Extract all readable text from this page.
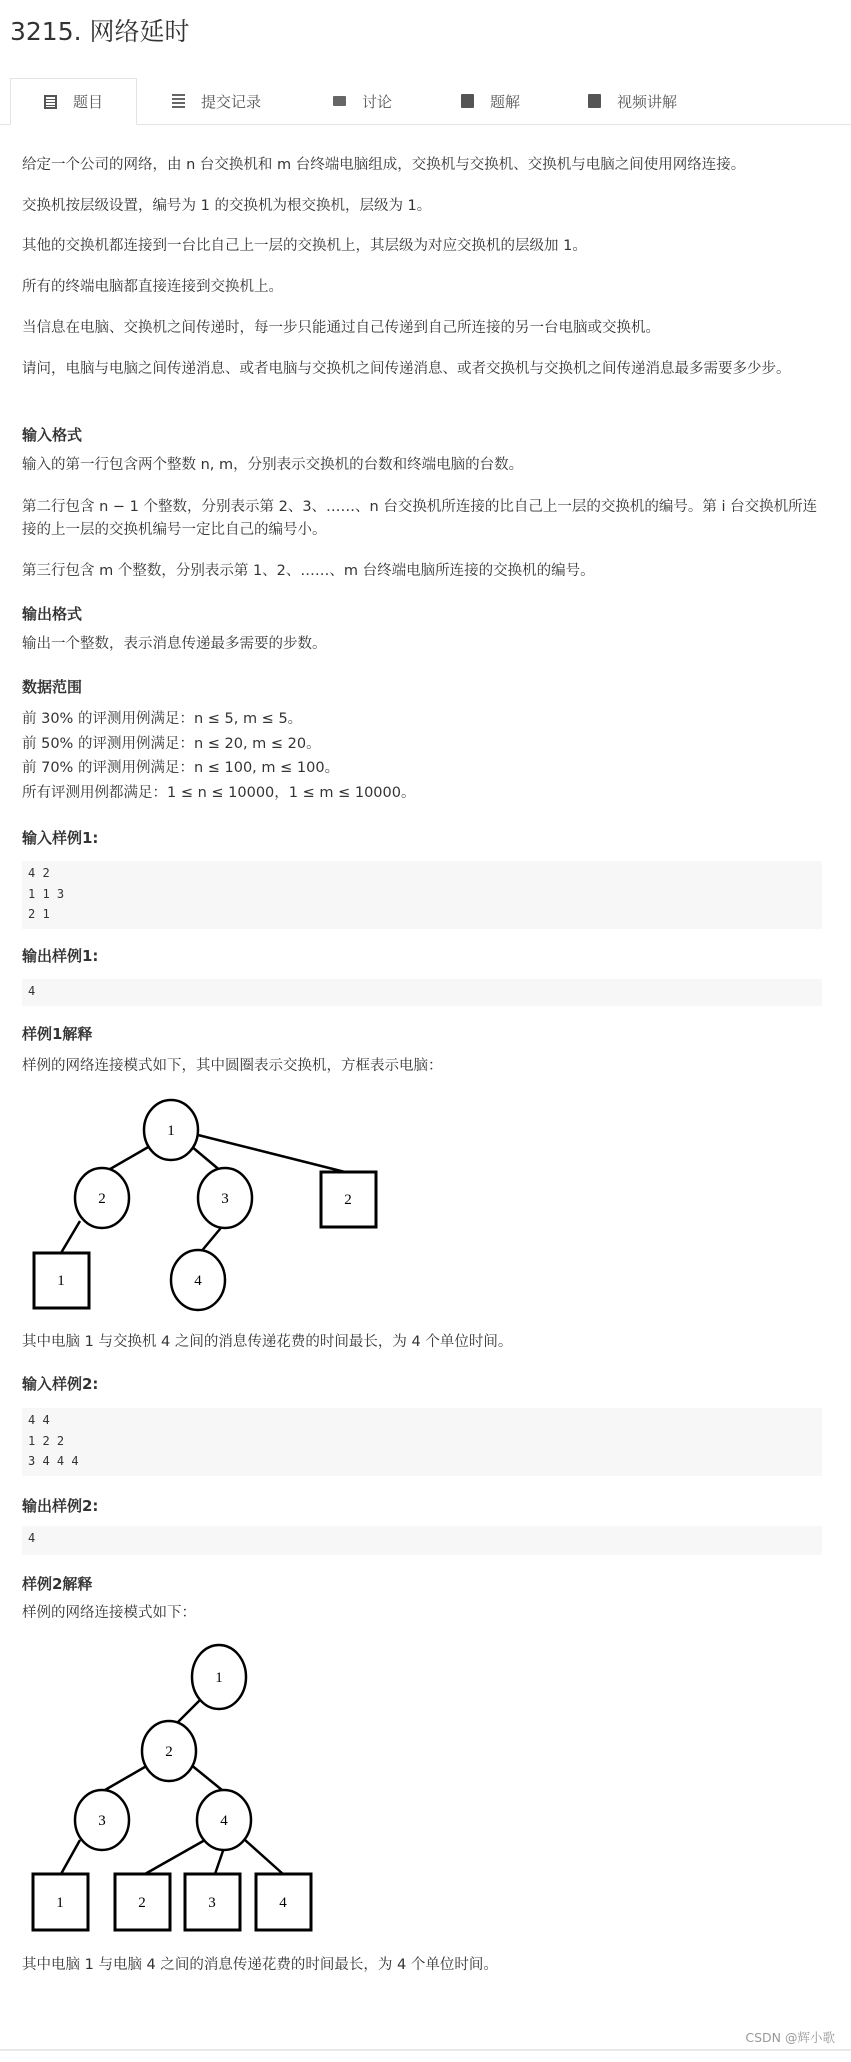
3215. 网络延时
题目	提交记录	讨论	题解	视频讲解
给定一个公司的网络，由 n 台交换机和 m 台终端电脑组成，交换机与交换机、交换机与电脑之间使用网络连接。
交换机按层级设置，编号为 1 的交换机为根交换机，层级为 1。
其他的交换机都连接到一台比自己上一层的交换机上，其层级为对应交换机的层级加 1。
所有的终端电脑都直接连接到交换机上。
当信息在电脑、交换机之间传递时，每一步只能通过自己传递到自己所连接的另一台电脑或交换机。
请问，电脑与电脑之间传递消息、或者电脑与交换机之间传递消息、或者交换机与交换机之间传递消息最多需要多少步。
输入格式
输入的第一行包含两个整数 n, m，分别表示交换机的台数和终端电脑的台数。
第二行包含 n − 1 个整数，分别表示第 2、3、……、n 台交换机所连接的比自己上一层的交换机的编号。第 i 台交换机所连接的上一层的交换机编号一定比自己的编号小。
第三行包含 m 个整数，分别表示第 1、2、……、m 台终端电脑所连接的交换机的编号。
输出格式
输出一个整数，表示消息传递最多需要的步数。
数据范围
前 30% 的评测用例满足：n ≤ 5, m ≤ 5。
前 50% 的评测用例满足：n ≤ 20, m ≤ 20。
前 70% 的评测用例满足：n ≤ 100, m ≤ 100。
所有评测用例都满足：1 ≤ n ≤ 10000，1 ≤ m ≤ 10000。
输入样例1:
4 2
1 1 3
2 1
输出样例1:
4
样例1解释
样例的网络连接模式如下，其中圆圈表示交换机，方框表示电脑：
1
2	3	2
1	4
其中电脑 1 与交换机 4 之间的消息传递花费的时间最长，为 4 个单位时间。
输入样例2:
4 4
1 2 2
3 4 4 4
输出样例2:
4
样例2解释
样例的网络连接模式如下：
1
2
3	4
1	2	3	4
其中电脑 1 与电脑 4 之间的消息传递花费的时间最长，为 4 个单位时间。
CSDN @辉小歌
